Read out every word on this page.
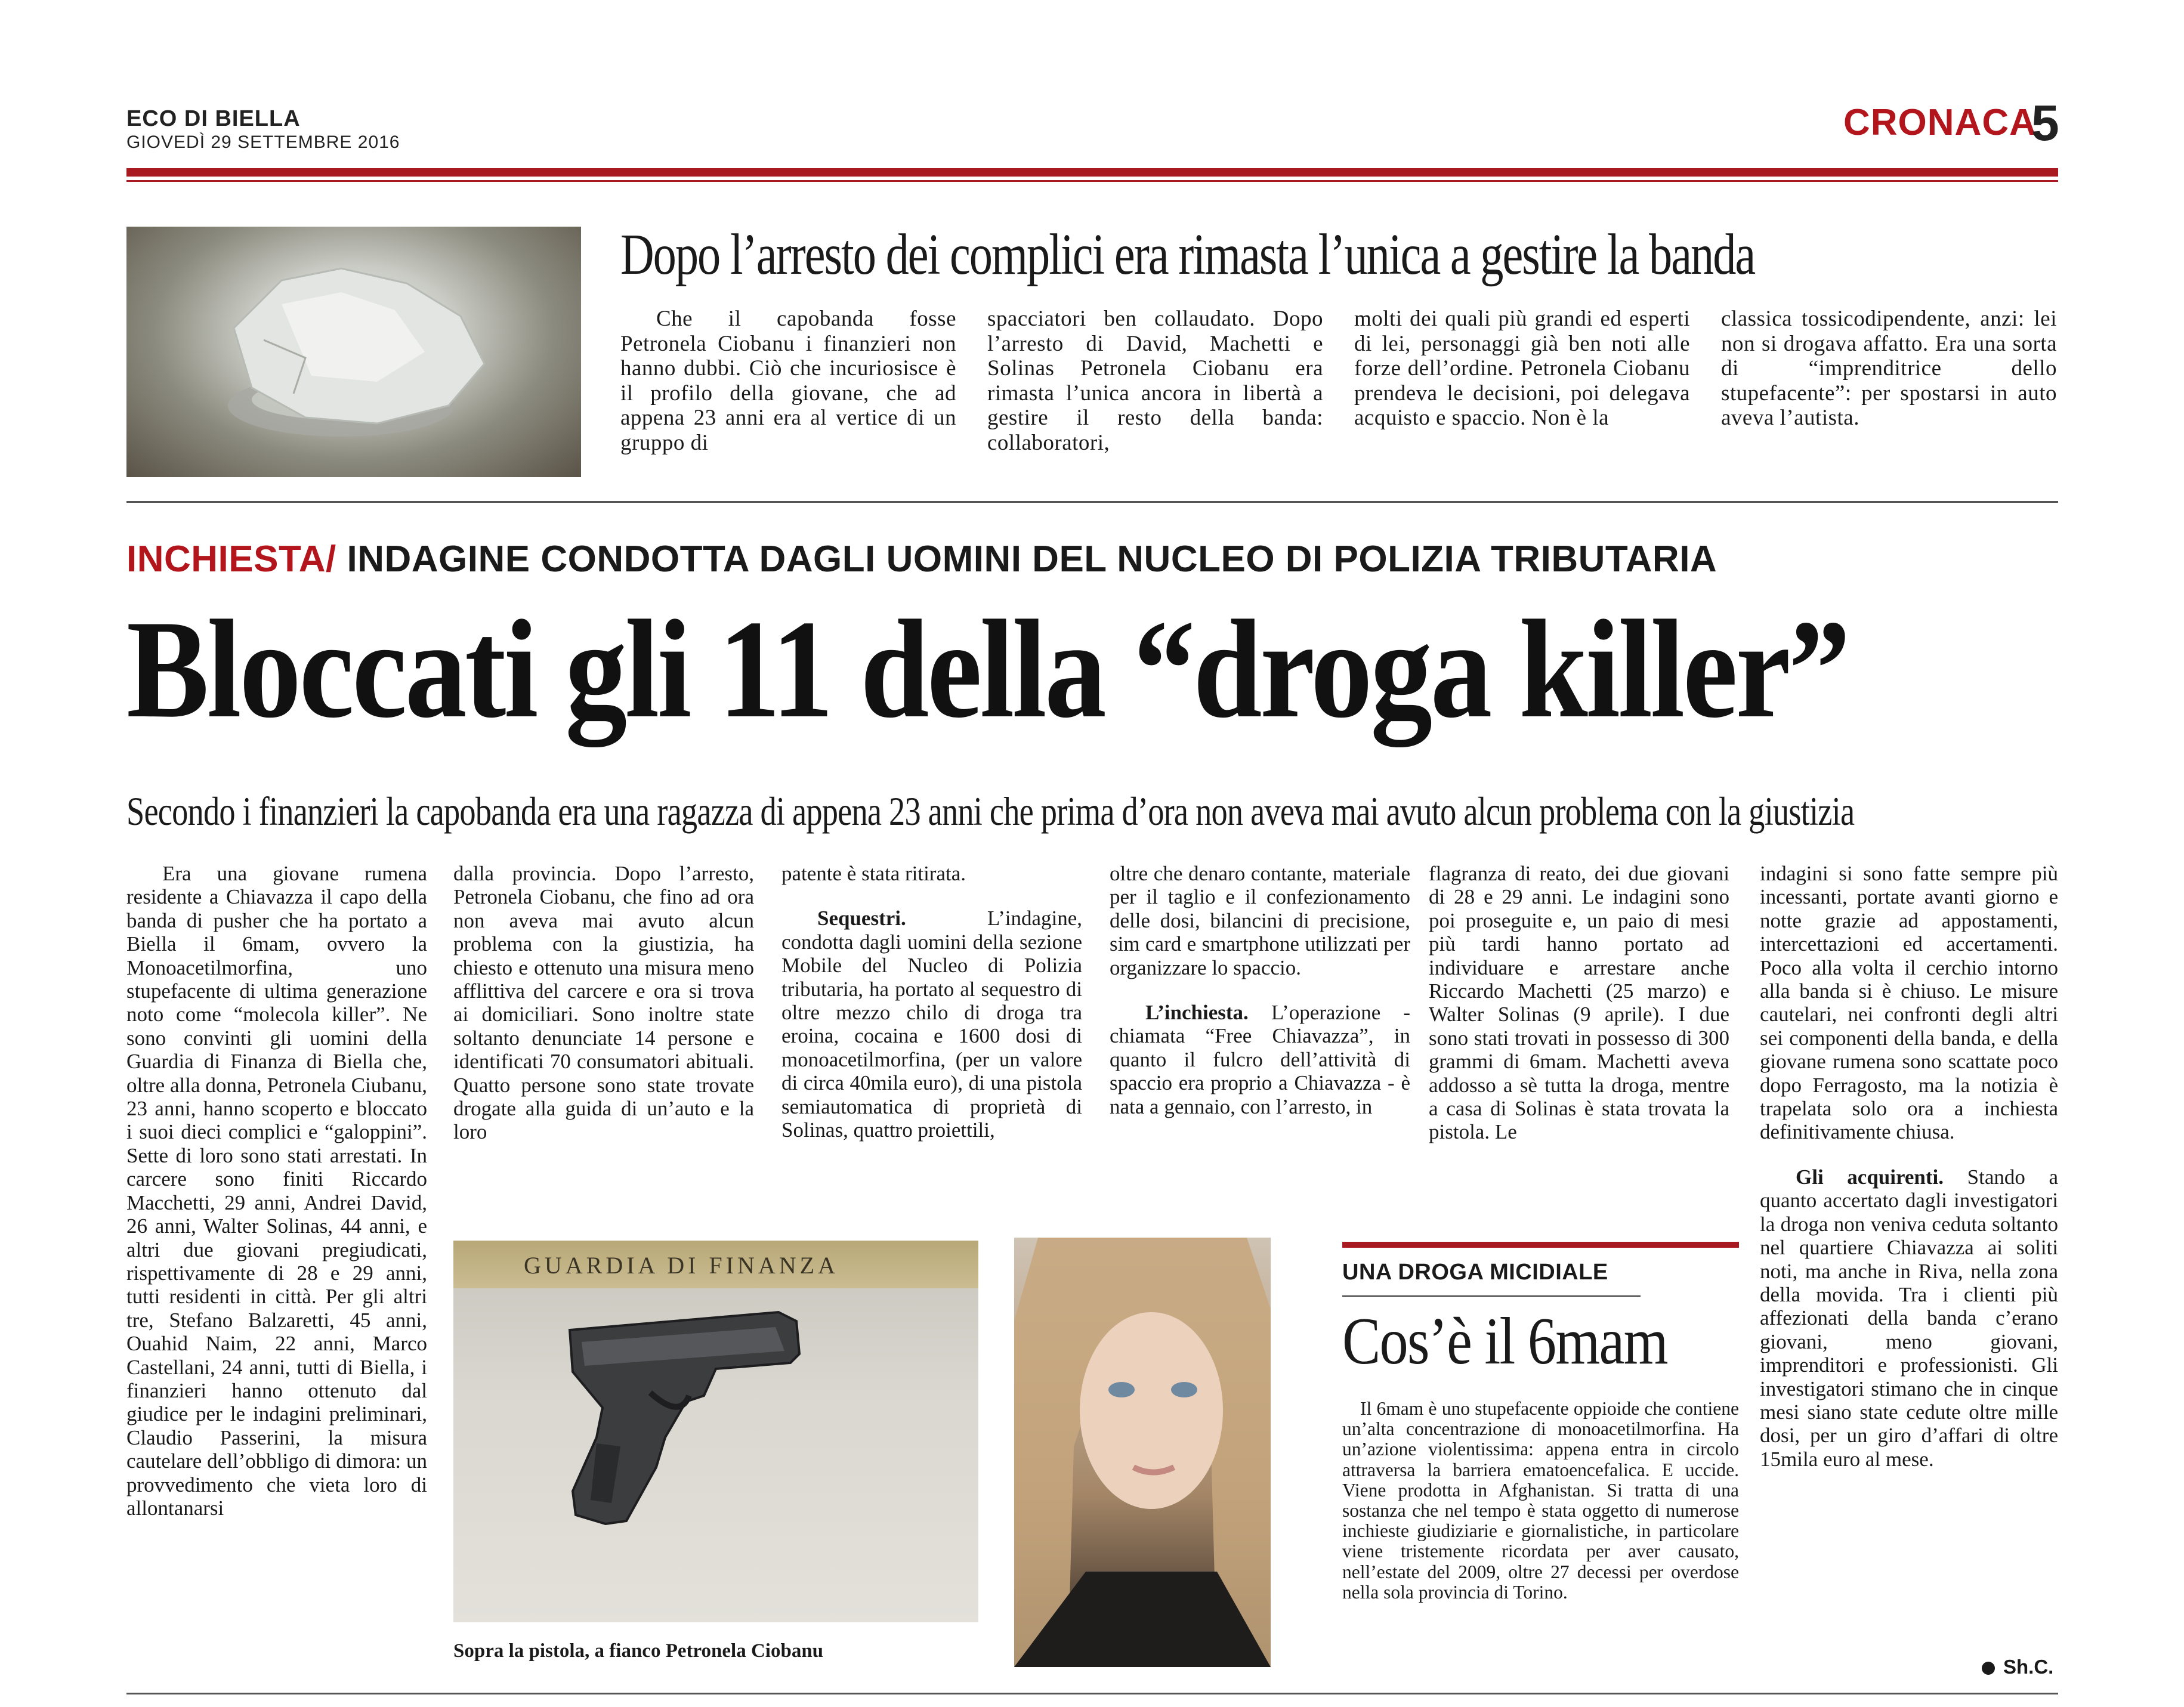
ECO DI BIELLA
GIOVEDÌ 29 SETTEMBRE 2016	CRONACA
5
Dopo l’arresto dei complici era rimasta l’unica a gestire la banda

Che il capobanda fosse Petronela Ciobanu i finanzieri non hanno dubbi. Ciò che incuriosisce è il profilo della giovane, che ad appena 23 anni era al vertice di un gruppo di

spacciatori ben collaudato. Dopo l’arresto di David, Machetti e Solinas Petronela Ciobanu era rimasta l’unica ancora in libertà a gestire il resto della banda: collaboratori,

molti dei quali più grandi ed esperti di lei, personaggi già ben noti alle forze dell’ordine. Petronela Ciobanu prendeva le decisioni, poi delegava acquisto e spaccio. Non è la

classica tossicodipendente, anzi: lei non si drogava affatto. Era una sorta di “imprenditrice dello stupefacente”: per spostarsi in auto aveva l’autista.

INCHIESTA/ INDAGINE CONDOTTA DAGLI UOMINI DEL NUCLEO DI POLIZIA TRIBUTARIA
Bloccati gli 11 della “droga killer”
Secondo i finanzieri la capobanda era una ragazza di appena 23 anni che prima d’ora non aveva mai avuto alcun problema con la giustizia

Era una giovane rumena residente a Chiavazza il capo della banda di pusher che ha portato a Biella il 6mam, ovvero la Monoacetilmorfina, uno stupefacente di ultima generazione noto come “molecola killer”. Ne sono convinti gli uomini della Guardia di Finanza di Biella che, oltre alla donna, Petronela Ciubanu, 23 anni, hanno scoperto e bloccato i suoi dieci complici e “galoppini”. Sette di loro sono stati arrestati. In carcere sono finiti Riccardo Macchetti, 29 anni, Andrei David, 26 anni, Walter Solinas, 44 anni, e altri due giovani pregiudicati, rispettivamente di 28 e 29 anni, tutti residenti in città. Per gli altri tre, Stefano Balzaretti, 45 anni, Ouahid Naim, 22 anni, Marco Castellani, 24 anni, tutti di Biella, i finanzieri hanno ottenuto dal giudice per le indagini preliminari, Claudio Passerini, la misura cautelare dell’obbligo di dimora: un provvedimento che vieta loro di allontanarsi

dalla provincia. Dopo l’arresto, Petronela Ciobanu, che fino ad ora non aveva mai avuto alcun problema con la giustizia, ha chiesto e ottenuto una misura meno afflittiva del carcere e ora si trova ai domiciliari. Sono inoltre state soltanto denunciate 14 persone e identificati 70 consumatori abituali. Quatto persone sono state trovate drogate alla guida di un’auto e la loro

patente è stata ritirata.

Sequestri.	L’indagine, condotta dagli uomini della sezione Mobile del Nucleo di Polizia tributaria, ha portato al sequestro di oltre mezzo chilo di droga tra eroina, cocaina e 1600 dosi di monoacetilmorfina, (per un valore di circa 40mila euro), di una pistola semiautomatica di proprietà di Solinas, quattro proiettili,

oltre che denaro contante, materiale per il taglio e il confezionamento delle dosi, bilancini di precisione, sim card e smartphone utilizzati per organizzare lo spaccio.

L’inchiesta. L’operazione - chiamata “Free Chiavazza”, in quanto il fulcro dell’attività di spaccio era proprio a Chiavazza - è nata a gennaio, con l’arresto, in

flagranza di reato, dei due giovani di 28 e 29 anni. Le indagini sono poi proseguite e, un paio di mesi più tardi hanno portato ad individuare e arrestare anche Riccardo Machetti (25 marzo) e Walter Solinas (9 aprile). I due sono stati trovati in possesso di 300 grammi di 6mam. Machetti aveva addosso a sè tutta la droga, mentre a casa di Solinas è stata trovata la pistola. Le

indagini si sono fatte sempre più incessanti, portate avanti giorno e notte grazie ad appostamenti, intercettazioni ed accertamenti. Poco alla volta il cerchio intorno alla banda si è chiuso. Le misure cautelari, nei confronti degli altri sei componenti della banda, e della giovane rumena sono scattate poco dopo Ferragosto, ma la notizia è trapelata solo ora a inchiesta definitivamente chiusa.

Gli acquirenti. Stando a quanto accertato dagli investigatori la droga non veniva ceduta soltanto nel quartiere Chiavazza ai soliti noti, ma anche in Riva, nella zona della movida. Tra i clienti più affezionati della banda c’erano giovani, meno giovani, imprenditori e professionisti. Gli investigatori stimano che in cinque mesi siano state cedute oltre mille dosi, per un giro d’affari di oltre 15mila euro al mese.

Sh.C.
GUARDIA DI FINANZA
Sopra la pistola, a fianco Petronela Ciobanu
UNA DROGA MICIDIALE
Cos’è il 6mam

Il 6mam è uno stupefacente oppioide che contiene un’alta concentrazione di monoacetilmorfina. Ha un’azione violentissima: appena entra in circolo attraversa la barriera ematoencefalica. E uccide. Viene prodotta in Afghanistan. Si tratta di una sostanza che nel tempo è stata oggetto di numerose inchieste giudiziarie e giornalistiche, in particolare viene tristemente ricordata per aver causato, nell’estate del 2009, oltre 27 decessi per overdose nella sola provincia di Torino.
